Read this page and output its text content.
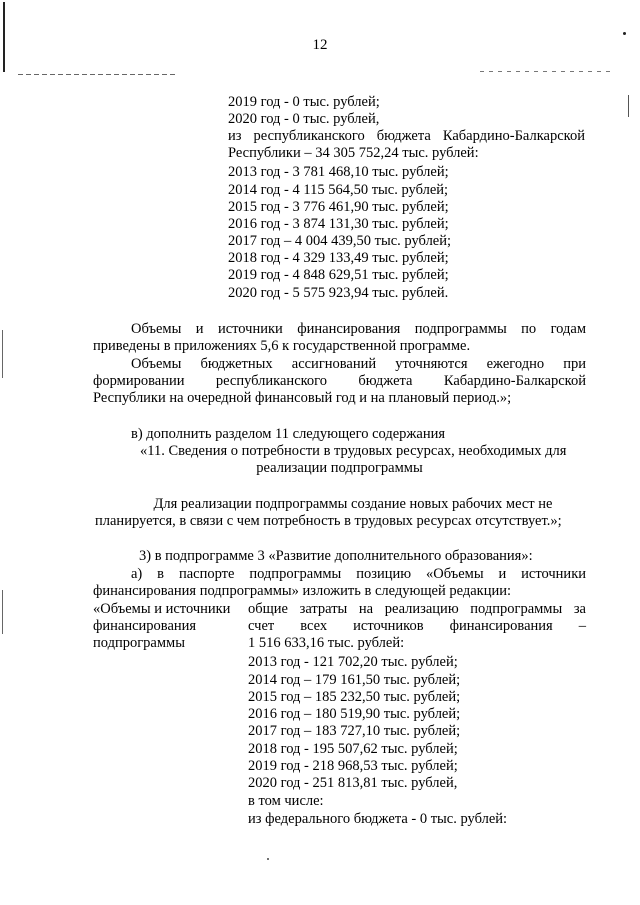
12
2019 год - 0 тыс. рублей;
2020 год - 0 тыс. рублей,
из республиканского бюджета Кабардино-Балкарской
Республики – 34 305 752,24 тыс. рублей:
2013 год - 3 781 468,10 тыс. рублей;
2014 год - 4 115 564,50 тыс. рублей;
2015 год - 3 776 461,90 тыс. рублей;
2016 год - 3 874 131,30 тыс. рублей;
2017 год – 4 004 439,50 тыс. рублей;
2018 год - 4 329 133,49 тыс. рублей;
2019 год - 4 848 629,51 тыс. рублей;
2020 год - 5 575 923,94 тыс. рублей.
Объемы и источники финансирования подпрограммы по годам
приведены в приложениях 5,6 к государственной программе.
Объемы бюджетных ассигнований уточняются ежегодно при
формировании республиканского бюджета Кабардино-Балкарской
Республики на очередной финансовый год и на плановый период.»;
в) дополнить разделом 11 следующего содержания
«11. Сведения о потребности в трудовых ресурсах, необходимых для
реализации подпрограммы
Для реализации подпрограммы создание новых рабочих мест не
планируется, в связи с чем потребность в трудовых ресурсах отсутствует.»;
3) в подпрограмме 3 «Развитие дополнительного образования»:
а) в паспорте подпрограммы позицию «Объемы и источники
финансирования подпрограммы» изложить в следующей редакции:
«Объемы и источники
финансирования
подпрограммы
общие затраты на реализацию подпрограммы за
счет всех источников финансирования –
1 516 633,16 тыс. рублей:
2013 год - 121 702,20 тыс. рублей;
2014 год – 179 161,50 тыс. рублей;
2015 год – 185 232,50 тыс. рублей;
2016 год – 180 519,90 тыс. рублей;
2017 год – 183 727,10 тыс. рублей;
2018 год - 195 507,62 тыс. рублей;
2019 год - 218 968,53 тыс. рублей;
2020 год - 251 813,81 тыс. рублей,
в том числе:
из федерального бюджета - 0 тыс. рублей:
